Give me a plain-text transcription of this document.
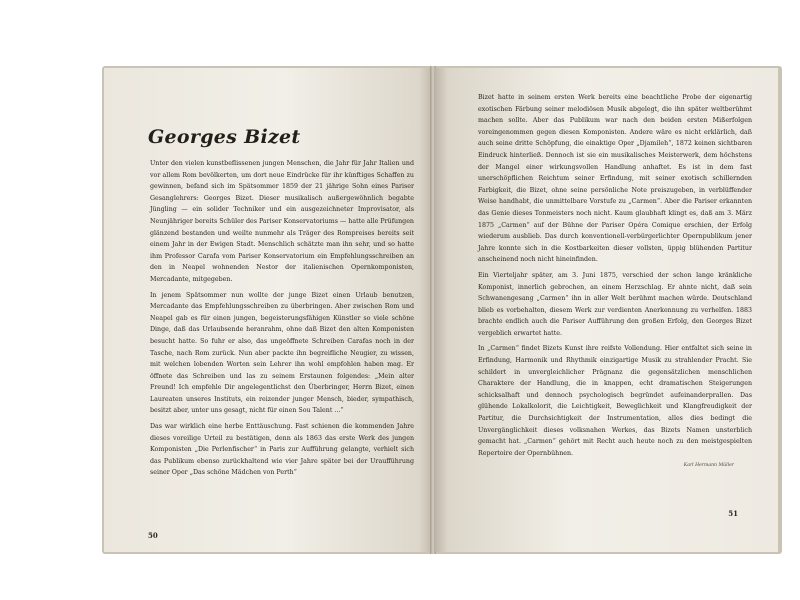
Georges Bizet

Unter den vielen kunstbeflissenen jungen Menschen, die Jahr für Jahr Italien und vor allem Rom bevölkerten, um dort neue Eindrücke für ihr künftiges Schaffen zu gewinnen, befand sich im Spätsommer 1859 der 21 jährige Sohn eines Pariser Gesanglehrers: Georges Bizet. Dieser musikalisch außergewöhnlich begabte Jüngling — ein solider Techniker und ein ausgezeichneter Improvisator, als Neunjähriger bereits Schüler des Pariser Konservatoriums — hatte alle Prüfungen glänzend bestanden und weilte nunmehr als Träger des Rompreises bereits seit einem Jahr in der Ewigen Stadt. Menschlich schätzte man ihn sehr, und so hatte ihm Professor Carafa vom Pariser Konservatorium ein Empfehlungsschreiben an den in Neapel wohnenden Nestor der italienischen Opernkomponisten, Mercadante, mitgegeben.

In jenem Spätsommer nun wollte der junge Bizet einen Urlaub benutzen, Mercadante das Empfehlungsschreiben zu überbringen. Aber zwischen Rom und Neapel gab es für einen jungen, begeisterungsfähigen Künstler so viele schöne Dinge, daß das Urlaubsende heranrahm, ohne daß Bizet den alten Komponisten besucht hatte. So fuhr er also, das ungeöffnete Schreiben Carafas noch in der Tasche, nach Rom zurück. Nun aber packte ihn begreifliche Neugier, zu wissen, mit welchen lobenden Worten sein Lehrer ihn wohl empfohlen haben mag. Er öffnete das Schreiben und las zu seinem Erstaunen folgendes: „Mein alter Freund! Ich empfehle Dir angelegentlichst den Überbringer, Herrn Bizet, einen Laureaten unseres Instituts, ein reizender junger Mensch, bieder, sympathisch, besitzt aber, unter uns gesagt, nicht für einen Sou Talent ...“

Das war wirklich eine herbe Enttäuschung. Fast schienen die kommenden Jahre dieses voreilige Urteil zu bestätigen, denn als 1863 das erste Werk des jungen Komponisten „Die Perlenfischer“ in Paris zur Aufführung gelangte, verhielt sich das Publikum ebenso zurückhaltend wie vier Jahre später bei der Uraufführung seiner Oper „Das schöne Mädchen von Perth“

50

Bizet hatte in seinem ersten Werk bereits eine beachtliche Probe der eigenartig exotischen Färbung seiner melodiösen Musik abgelegt, die ihn später weltberühmt machen sollte. Aber das Publikum war nach den beiden ersten Mißerfolgen voreingenommen gegen diesen Komponisten. Andere wäre es nicht erklärlich, daß auch seine dritte Schöpfung, die einaktige Oper „Djamileh“, 1872 keinen sichtbaren Eindruck hinterließ. Dennoch ist sie ein musikalisches Meisterwerk, dem höchstens der Mangel einer wirkungsvollen Handlung anhaftet. Es ist in dem fast unerschöpflichen Reichtum seiner Erfindung, mit seiner exotisch schillernden Farbigkeit, die Bizet, ohne seine persönliche Note preiszugeben, in verblüffender Weise handhabt, die unmittelbare Vorstufe zu „Carmen“. Aber die Pariser erkannten das Genie dieses Tonmeisters noch nicht. Kaum glaubhaft klingt es, daß am 3. März 1875 „Carmen“ auf der Bühne der Pariser Opéra Comique erschien, der Erfolg wiederum ausblieb. Das durch konventionell-verbürgerlichter Opernpublikum jener Jahre konnte sich in die Kostbarkeiten dieser vollsten, üppig blühenden Partitur anscheinend noch nicht hineinfinden.

Ein Vierteljahr später, am 3. Juni 1875, verschied der schon lange kränkliche Komponist, innerlich gebrochen, an einem Herzschlag. Er ahnte nicht, daß sein Schwanengesang „Carmen“ ihn in aller Welt berühmt machen würde. Deutschland blieb es vorbehalten, diesem Werk zur verdienten Anerkennung zu verhelfen. 1883 brachte endlich auch die Pariser Aufführung den großen Erfolg, den Georges Bizet vergeblich erwartet hatte.

In „Carmen“ findet Bizets Kunst ihre reifste Vollendung. Hier entfaltet sich seine in Erfindung, Harmonik und Rhythmik einzigartige Musik zu strahlender Pracht. Sie schildert in unvergleichlicher Prägnanz die gegensätzlichen menschlichen Charaktere der Handlung, die in knappen, echt dramatischen Steigerungen schicksalhaft und dennoch psychologisch begründet aufeinanderprallen. Das glühende Lokalkolorit, die Leichtigkeit, Beweglichkeit und Klangfreudigkeit der Partitur, die Durchsichtigkeit der Instrumentation, alles dies bedingt die Unvergänglichkeit dieses volksnahen Werkes, das Bizets Namen unsterblich gemacht hat. „Carmen“ gehört mit Recht auch heute noch zu den meistgespielten Repertoire der Opernbühnen.

Karl Hermann Müller
51
